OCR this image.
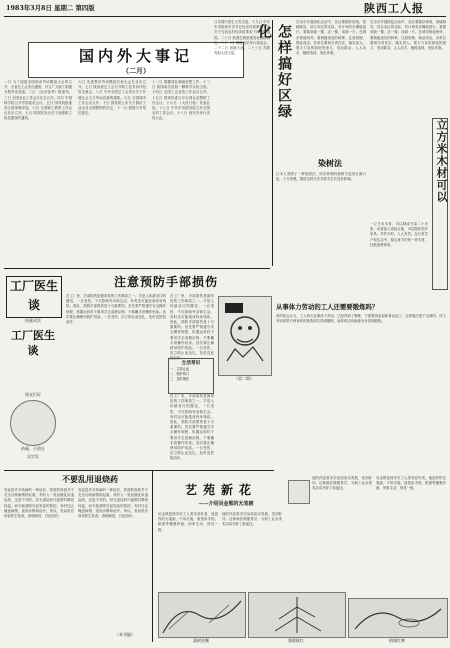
1983年3月8日 星期二 第四版	陕西工人报
国内外大事记
（二月）
一日 为了迎接全国和省劳动模范大会的召开，全省总工会发出通知，号召广大职工积极开展劳动竞赛。二日 《经济参考》报创刊。三日 全国农业工作会议在京召开。四日 中国科学院召开学部委员会议。五日 国务院批准成立国家海洋局。六日 全国职工教育工作会议在京召开。七日 国务院发出关于加强职工队伍建设的通知。
六日 先进集体劳动模范代表大会在北京召开。七日 陕西省总工会召开职工技术协作经验交流会。八日 中华全国总工会发出关于开展社会主义劳动竞赛的通知。九日 全国城市工作会议召开。十日 国务院公布关于搞好工业企业全面整顿的决定。十一日 我国与安哥拉建交。
十二日 胡耀邦在湖南视察工作。十三日 我国成功发射一颗科学实验卫星。十四日 全国工会宣传工作会议召开。十五日 国家经委召开全国企业整顿工作会议。十六日 《人民日报》发表社论。十七日 中共中央国务院召开全国农村工作会议。十八日 西安市举行庆祝大会。
日本国内发生大雪灾害。十九日 中共中央批转中央书记处农村政策研究室关于当前农村经济政策若干问题的通知。二十日 美国总统里根发表国情咨文。二十一日 香港市民举行欢迎会。二十二日 西德大选。二十三日 苏联发射人造卫星。	怎样搞好区绿化
在全市开展绿化活动中，各区要搞好规划，因地制宜，结合本区的实际，有计划有步骤地进行。要做到栽一棵，活一棵，成林一片。在城市街道两旁，要栽植适宜的树种，注意管理，保证成活。各单位要划分责任区，落实到人。要大力宣传绿化的意义，发动群众，人人动手，植树造林，美化环境。
在全市开展绿化活动中，各区要搞好规划，因地制宜，结合本区的实际，有计划有步骤地进行。要做到栽一棵，活一棵，成林一片。在城市街道两旁，要栽植适宜的树种，注意管理，保证成活。各单位要划分责任区，落实到人。要大力宣传绿化的意义，发动群众，人人动手，植树造林，美化环境。
染树法
日本人发明了一种染树法，用各种颜料使树木变得五颜六色，十分美观。据说这种方法对树木生长没有影响。	立方米木材可以
一立方米木材，可以制成书桌二十多张，或者加工成胶合板，可以制作很多家具。节约木材，人人有责。在日常生产和生活中，要注意节约每一块木材，杜绝浪费现象。
从事体力劳动的工人还需要锻炼吗？
有的同志认为，工人每天从事体力劳动，已经得到了锻炼，不需要再参加体育活动了。这种看法是不全面的。体力劳动常常只使身体的某些部位得到锻炼，而体育活动能使全身得到锻炼。
工厂医生谈
热量试读
工厂医生谈
朋友们好
热量，小团社
吴宗发
注意预防手部损伤
在工厂里，手部损伤是最常见的工伤事故之一。手是人体最灵巧的器官，一旦受伤，不仅影响劳动和生活，有时还可能造成终身残疾。因此，预防手部损伤是十分重要的。首先要严格遵守安全操作规程，机器运转时不要用手去清理杂物，不要戴手套操作钻床。其次要正确使用防护用品。一旦受伤，应立即止血包扎，及时送医院治疗。
在工厂里，手部损伤是最常见的工伤事故之一。手是人体最灵巧的器官，一旦受伤，不仅影响劳动和生活，有时还可能造成终身残疾。因此，预防手部损伤是十分重要的。首先要严格遵守安全操作规程，机器运转时不要用手去清理杂物，不要戴手套操作钻床。其次要正确使用防护用品。一旦受伤，应立即止血包扎，及时送医院治疗。
生活常识
一、立即止血
二、保护伤口
三、及时就医
在工厂里，手部损伤是最常见的工伤事故之一。手是人体最灵巧的器官，一旦受伤，不仅影响劳动和生活，有时还可能造成终身残疾。因此，预防手部损伤是十分重要的。首先要严格遵守安全操作规程，机器运转时不要用手去清理杂物，不要戴手套操作钻床。其次要正确使用防护用品。一旦受伤，应立即止血包扎，及时送医院治疗。
（第二期）
不要乱用退烧药
发烧是许多疾病的一种症状，热度的高低并不完全反映病情的轻重。有的人一发烧就乱用退烧药，这是不对的。因为退烧药只能暂时降低体温，而不能消除引起发烧的原因，有时还会掩盖病情，延误诊断和治疗。所以，发烧时应该请医生检查，查明病因，对症治疗。
发烧是许多疾病的一种症状，热度的高低并不完全反映病情的轻重。有的人一发烧就乱用退烧药，这是不对的。因为退烧药只能暂时降低体温，而不能消除引起发烧的原因，有时还会掩盖病情，延误诊断和治疗。所以，发烧时应该请医生检查，查明病因，对症治疗。
（本刊编）
艺苑新花
——介绍吴金熊的无笔画
吴金熊是西安市工人美术爱好者，他创作的无笔画，不用毛笔，而是用手指、纸团等蘸墨作画，形象生动，别具一格。
他的作品曾多次参加省市美展，受到好评。这种画法简便易学，为职工业余美术活动开辟了新途径。
他的作品曾多次参加省市美展，受到好评。这种画法简便易学，为职工业余美术活动开辟了新途径。
吴金熊是西安市工人美术爱好者，他创作的无笔画，不用毛笔，而是用手指、纸团等蘸墨作画，形象生动，别具一格。
栗树金鹰	董桃桃红	榕湖红鲤
